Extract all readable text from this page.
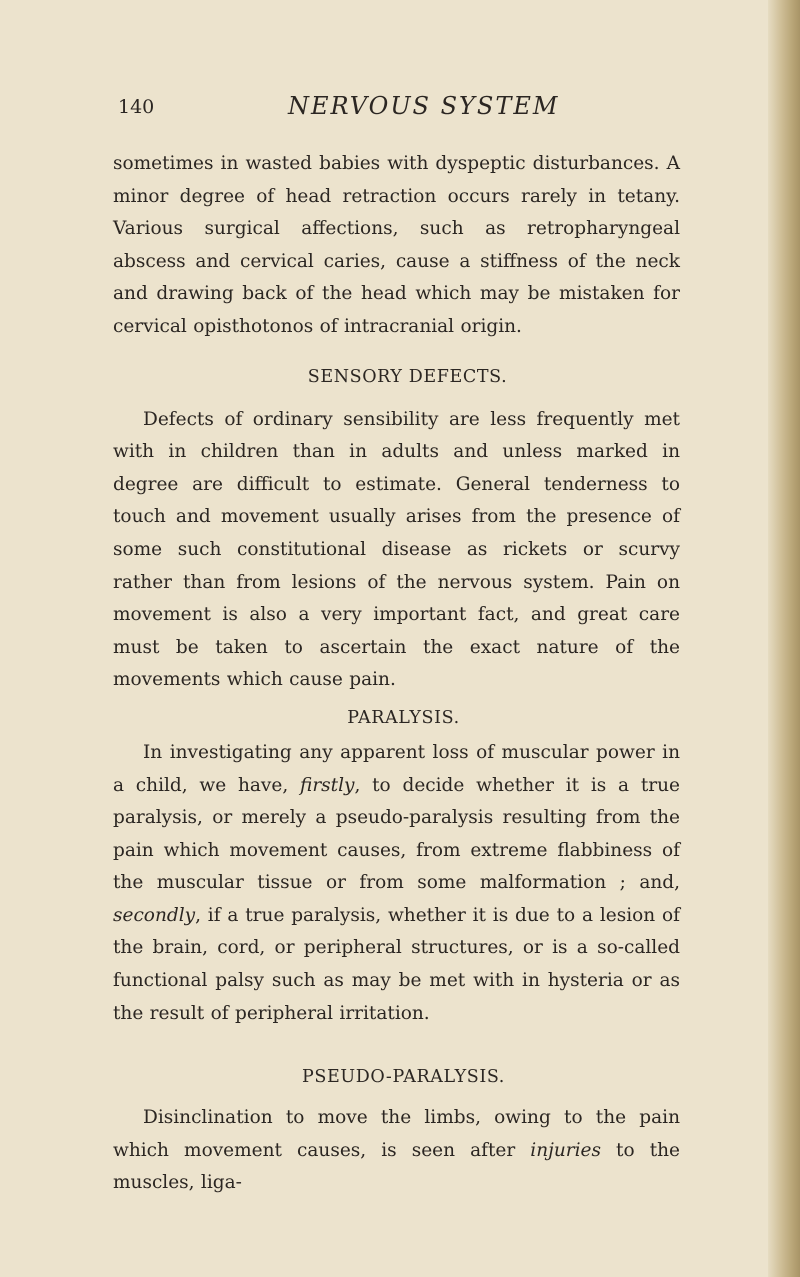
140	NERVOUS SYSTEM

sometimes in wasted babies with dyspeptic disturbances. A minor degree of head retraction occurs rarely in tetany. Various surgical affections, such as retropharyngeal abscess and cervical caries, cause a stiffness of the neck and drawing back of the head which may be mistaken for cervical opisthotonos of intracranial origin.

SENSORY DEFECTS.

Defects of ordinary sensibility are less frequently met with in children than in adults and unless marked in degree are difficult to estimate. General tenderness to touch and movement usually arises from the presence of some such constitutional disease as rickets or scurvy rather than from lesions of the nervous system. Pain on movement is also a very important fact, and great care must be taken to ascertain the exact nature of the movements which cause pain.

PARALYSIS.

In investigating any apparent loss of muscular power in a child, we have, firstly, to decide whether it is a true paralysis, or merely a pseudo-paralysis resulting from the pain which movement causes, from extreme flabbiness of the muscular tissue or from some malformation ; and, secondly, if a true paralysis, whether it is due to a lesion of the brain, cord, or peripheral structures, or is a so-called functional palsy such as may be met with in hysteria or as the result of peripheral irritation.

PSEUDO-PARALYSIS.

Disinclination to move the limbs, owing to the pain which movement causes, is seen after injuries to the muscles, liga-
